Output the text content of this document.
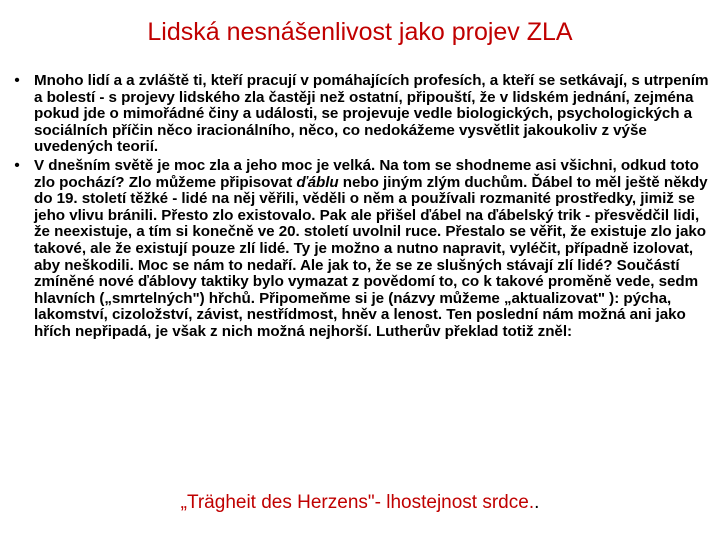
Lidská nesnášenlivost jako projev ZLA
• Mnoho lidí a a zvláště ti, kteří pracují v pomáhajících profesích, a kteří se setkávají, s utrpením a bolestí - s projevy lidského zla častěji než ostatní, připouští, že v lidském jednání, zejména pokud jde o mimořádné činy a události, se projevuje vedle biologických, psychologických a sociálních příčin něco iracionálního, něco, co nedokážeme vysvětlit jakoukoliv z výše uvedených teorií.
• V dnešním světě je moc zla a jeho moc je velká. Na tom se shodneme asi všichni, odkud toto zlo pochází? Zlo můžeme připisovat ďáblu nebo jiným zlým duchům. Ďábel to měl ještě někdy do 19. století těžké - lidé na něj věřili, věděli o něm a používali rozmanité prostředky, jimiž se jeho vlivu bránili. Přesto zlo existovalo. Pak ale přišel ďábel na ďábelský trik - přesvědčil lidi, že neexistuje, a tím si konečně ve 20. století uvolnil ruce. Přestalo se věřit, že existuje zlo jako takové, ale že existují pouze zlí lidé. Ty je možno a nutno napravit, vyléčit, případně izolovat, aby neškodili. Moc se nám to nedaří. Ale jak to, že se ze slušných stávají zlí lidé? Součástí zmíněné nové ďáblovy taktiky bylo vymazat z povědomí to, co k takové proměně vede, sedm hlavních („smrtelných") hřchů. Připomeňme si je (názvy můžeme „aktualizovat" ): pýcha, lakomství, cizoložství, závist, nestřídmost, hněv a lenost. Ten poslední nám možná ani jako hřích nepřipadá, je však z nich možná nejhorší. Lutherův překlad totiž zněl:

„Trägheit des Herzens"- lhostejnost srdce..
